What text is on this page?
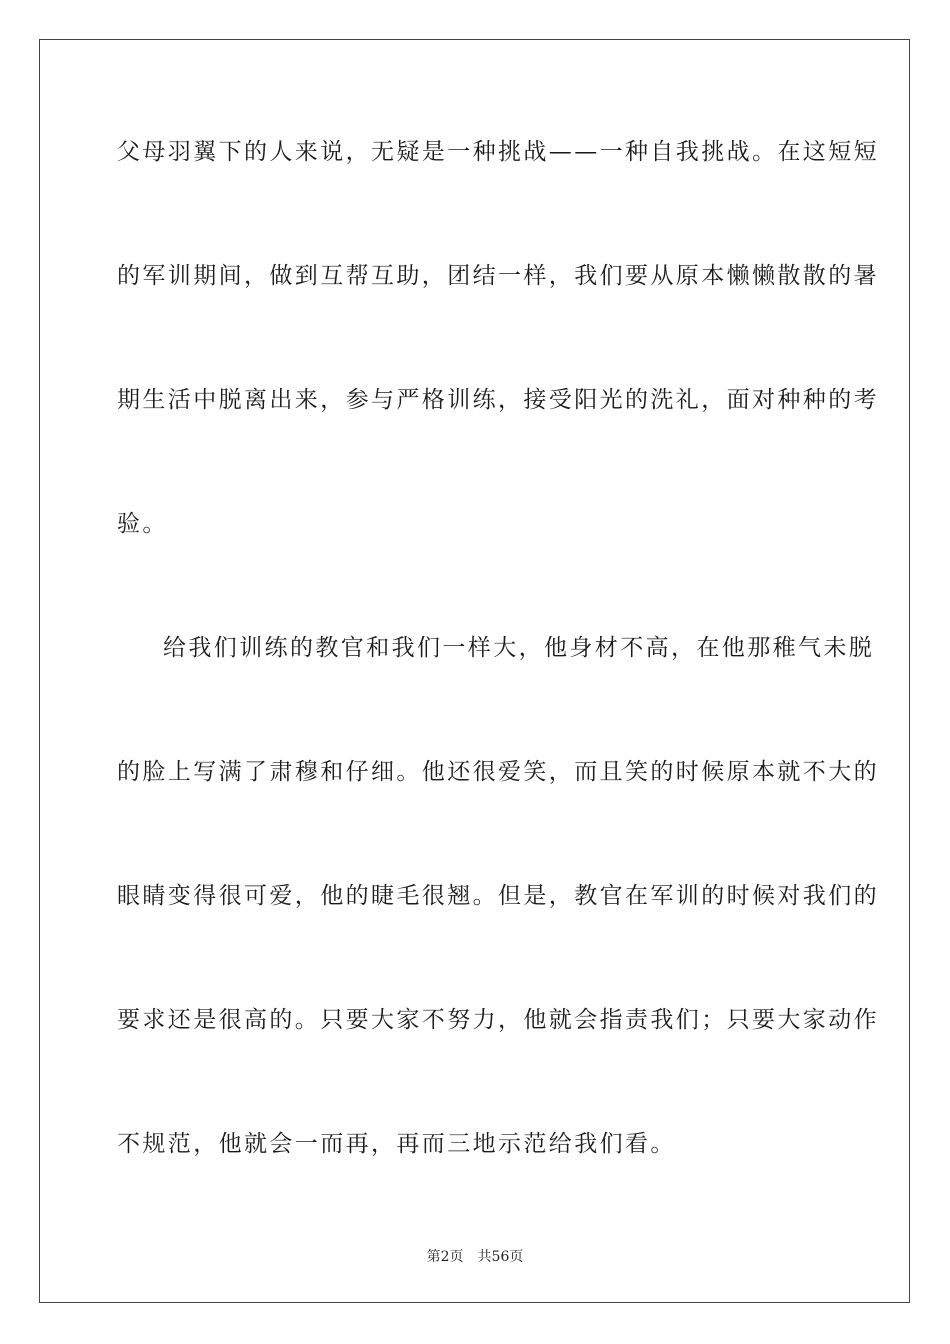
父母羽翼下的人来说，无疑是一种挑战——一种自我挑战。在这短短
的军训期间，做到互帮互助，团结一样，我们要从原本懒懒散散的暑
期生活中脱离出来，参与严格训练，接受阳光的洗礼，面对种种的考
验。
给我们训练的教官和我们一样大，他身材不高，在他那稚气未脱
的脸上写满了肃穆和仔细。他还很爱笑，而且笑的时候原本就不大的
眼睛变得很可爱，他的睫毛很翘。但是，教官在军训的时候对我们的
要求还是很高的。只要大家不努力，他就会指责我们；只要大家动作
不规范，他就会一而再，再而三地示范给我们看。
第2页 共56页
